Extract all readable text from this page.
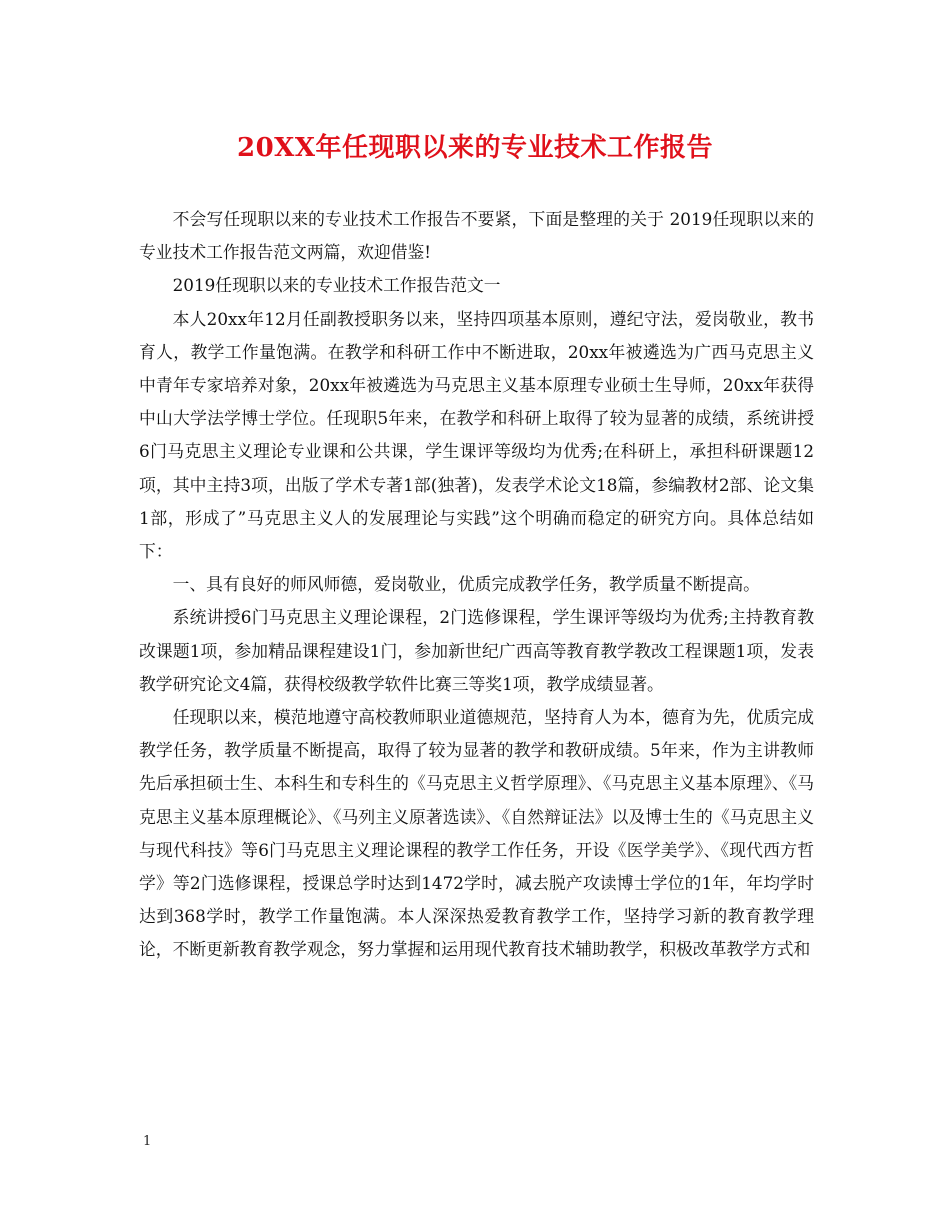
20XX年任现职以来的专业技术工作报告

不会写任现职以来的专业技术工作报告不要紧，下面是整理的关于 2019任现职以来的专业技术工作报告范文两篇，欢迎借鉴!

2019任现职以来的专业技术工作报告范文一

本人20xx年12月任副教授职务以来，坚持四项基本原则，遵纪守法，爱岗敬业，教书育人，教学工作量饱满。在教学和科研工作中不断进取，20xx年被遴选为广西马克思主义中青年专家培养对象，20xx年被遴选为马克思主义基本原理专业硕士生导师，20xx年获得中山大学法学博士学位。任现职5年来，在教学和科研上取得了较为显著的成绩，系统讲授6门马克思主义理论专业课和公共课，学生课评等级均为优秀;在科研上，承担科研课题12项，其中主持3项，出版了学术专著1部(独著)，发表学术论文18篇，参编教材2部、论文集1部，形成了”马克思主义人的发展理论与实践”这个明确而稳定的研究方向。具体总结如下：

一、具有良好的师风师德，爱岗敬业，优质完成教学任务，教学质量不断提高。

系统讲授6门马克思主义理论课程，2门选修课程，学生课评等级均为优秀;主持教育教改课题1项，参加精品课程建设1门，参加新世纪广西高等教育教学教改工程课题1项，发表教学研究论文4篇，获得校级教学软件比赛三等奖1项，教学成绩显著。

任现职以来，模范地遵守高校教师职业道德规范，坚持育人为本，德育为先，优质完成教学任务，教学质量不断提高，取得了较为显著的教学和教研成绩。5年来，作为主讲教师先后承担硕士生、本科生和专科生的《马克思主义哲学原理》、《马克思主义基本原理》、《马克思主义基本原理概论》、《马列主义原著选读》、《自然辩证法》以及博士生的《马克思主义与现代科技》等6门马克思主义理论课程的教学工作任务，开设《医学美学》、《现代西方哲学》等2门选修课程，授课总学时达到1472学时，减去脱产攻读博士学位的1年，年均学时达到368学时，教学工作量饱满。本人深深热爱教育教学工作，坚持学习新的教育教学理论，不断更新教育教学观念，努力掌握和运用现代教育技术辅助教学，积极改革教学方式和

1
